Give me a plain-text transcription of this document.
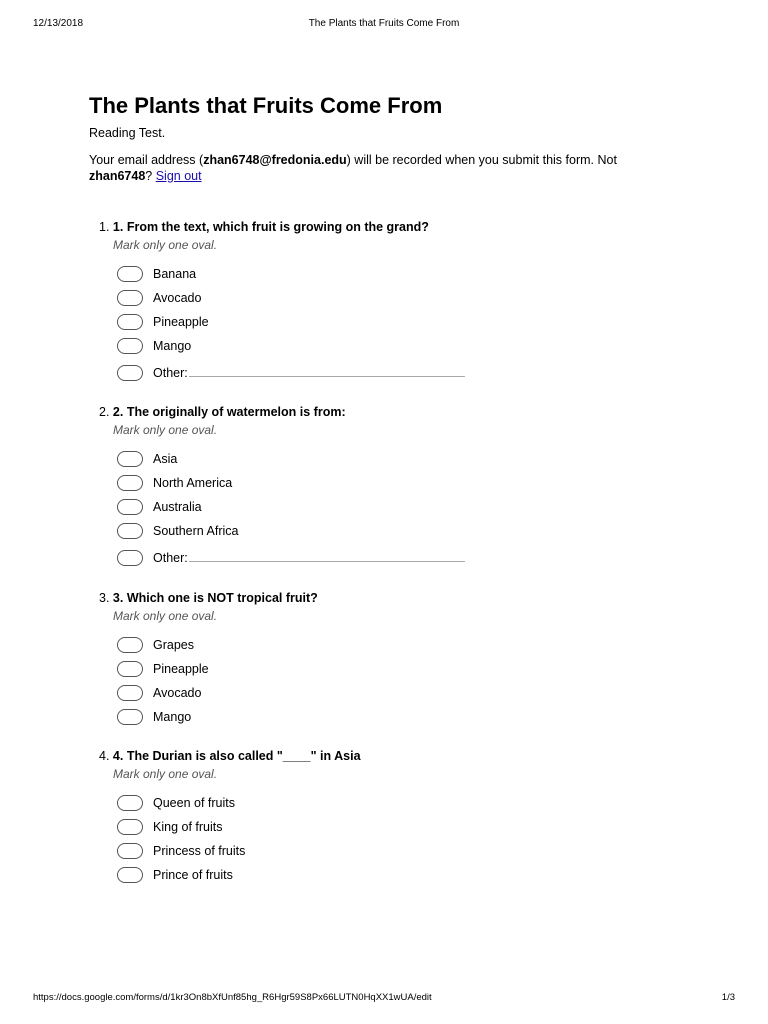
12/13/2018	The Plants that Fruits Come From
The Plants that Fruits Come From
Reading Test.
Your email address (zhan6748@fredonia.edu) will be recorded when you submit this form. Not
zhan6748? Sign out
1. 1. From the text, which fruit is growing on the grand?
Mark only one oval.
Banana
Avocado
Pineapple
Mango
Other:
2. 2. The originally of watermelon is from:
Mark only one oval.
Asia
North America
Australia
Southern Africa
Other:
3. 3. Which one is NOT tropical fruit?
Mark only one oval.
Grapes
Pineapple
Avocado
Mango
4. 4. The Durian is also called "____" in Asia
Mark only one oval.
Queen of fruits
King of fruits
Princess of fruits
Prince of fruits
https://docs.google.com/forms/d/1kr3On8bXfUnf85hg_R6Hgr59S8Px66LUTN0HqXX1wUA/edit	1/3
